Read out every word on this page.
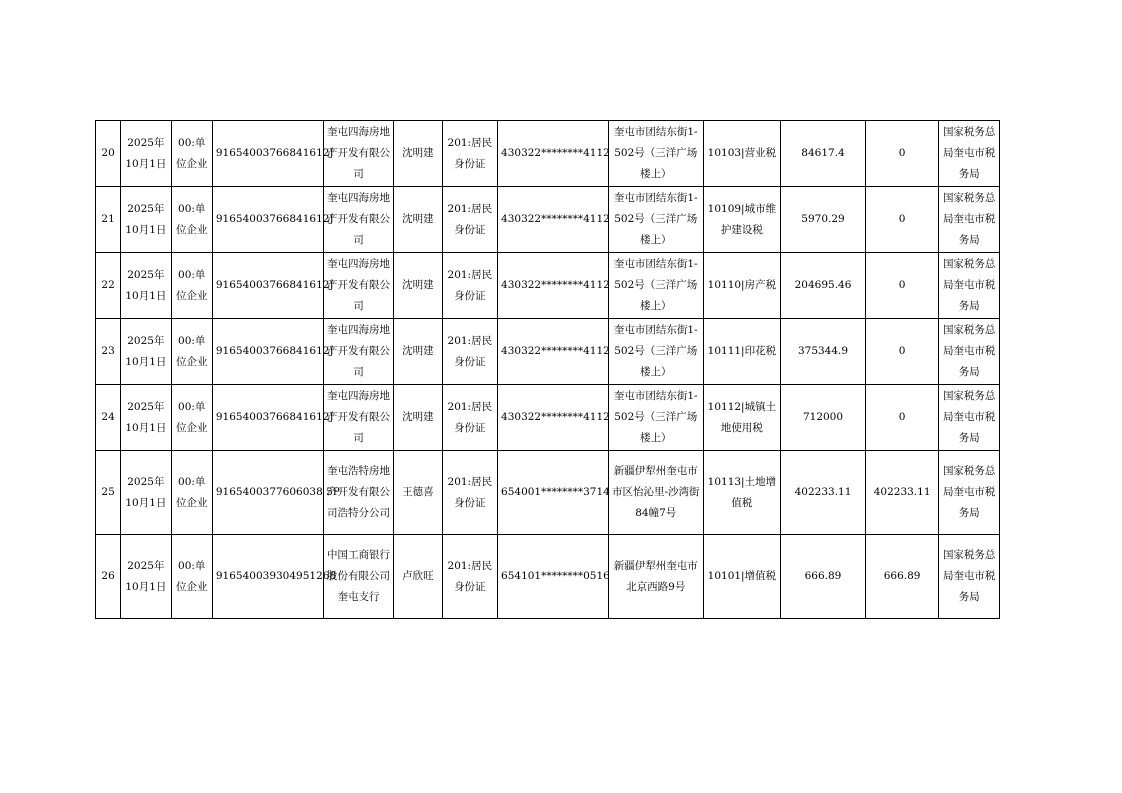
20	2025年10月1日	00:单位企业	91654003766841612J	奎屯四海房地产开发有限公司	沈明建	201:居民身份证	430322********4112	奎屯市团结东街1-502号（三洋广场楼上）	10103|营业税	84617.4	0	国家税务总局奎屯市税务局
21	2025年10月1日	00:单位企业	91654003766841612J	奎屯四海房地产开发有限公司	沈明建	201:居民身份证	430322********4112	奎屯市团结东街1-502号（三洋广场楼上）	10109|城市维护建设税	5970.29	0	国家税务总局奎屯市税务局
22	2025年10月1日	00:单位企业	91654003766841612J	奎屯四海房地产开发有限公司	沈明建	201:居民身份证	430322********4112	奎屯市团结东街1-502号（三洋广场楼上）	10110|房产税	204695.46	0	国家税务总局奎屯市税务局
23	2025年10月1日	00:单位企业	91654003766841612J	奎屯四海房地产开发有限公司	沈明建	201:居民身份证	430322********4112	奎屯市团结东街1-502号（三洋广场楼上）	10111|印花税	375344.9	0	国家税务总局奎屯市税务局
24	2025年10月1日	00:单位企业	91654003766841612J	奎屯四海房地产开发有限公司	沈明建	201:居民身份证	430322********4112	奎屯市团结东街1-502号（三洋广场楼上）	10112|城镇土地使用税	712000	0	国家税务总局奎屯市税务局
25	2025年10月1日	00:单位企业	9165400377606038 5P	奎屯浩特房地产开发有限公司浩特分公司	王德喜	201:居民身份证	654001********3714	新疆伊犁州奎屯市市区怡沁里-沙湾街84幢7号	10113|土地增值税	402233.11	402233.11	国家税务总局奎屯市税务局
26	2025年10月1日	00:单位企业	916540039304951268	中国工商银行股份有限公司奎屯支行	卢欣旺	201:居民身份证	654101********0516	新疆伊犁州奎屯市北京西路9号	10101|增值税	666.89	666.89	国家税务总局奎屯市税务局
